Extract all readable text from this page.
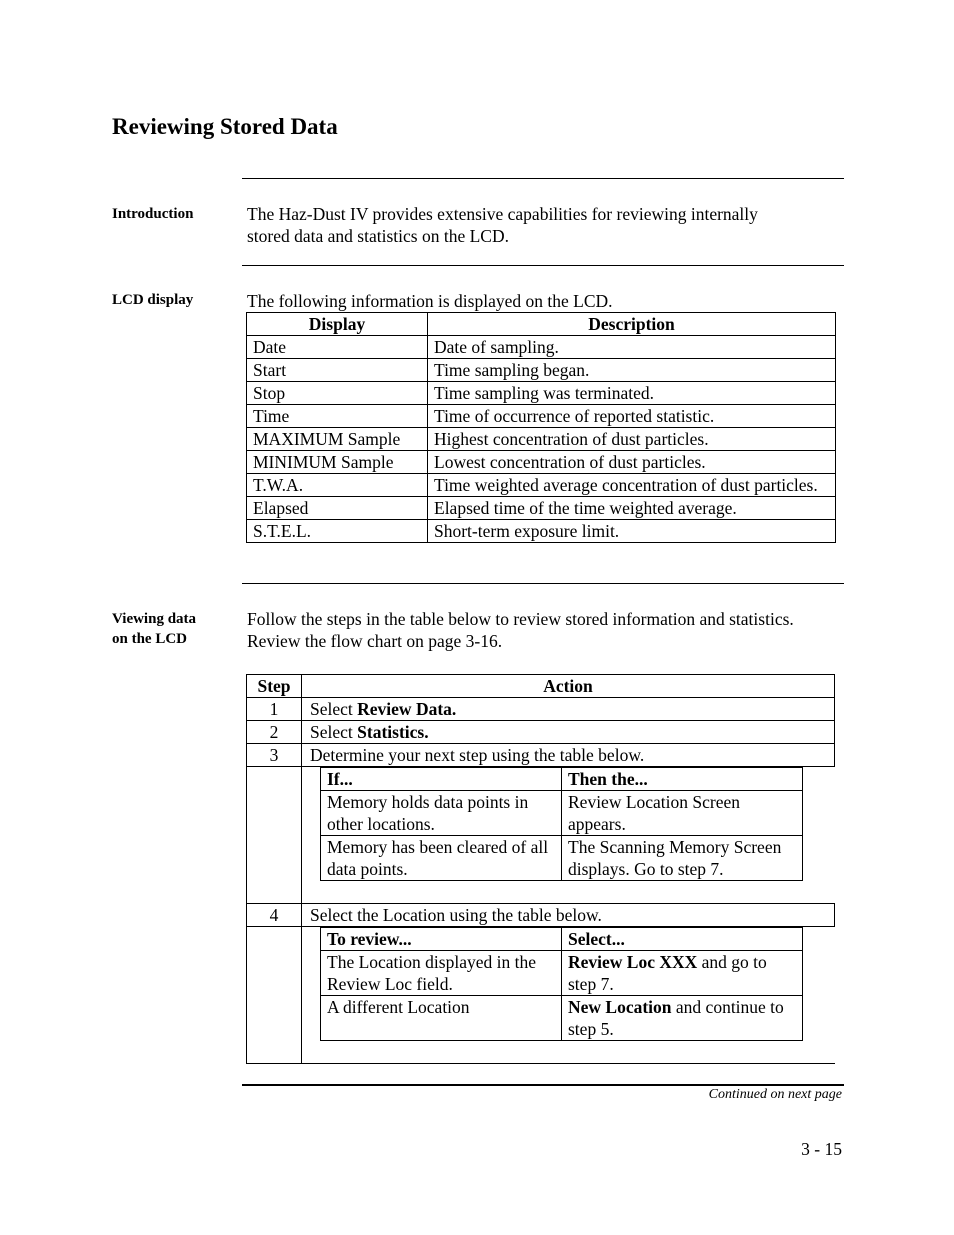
Reviewing Stored Data
Introduction	The Haz-Dust IV provides extensive capabilities for reviewing internally
stored data and statistics on the LCD.
LCD display	The following information is displayed on the LCD.
Display	Description
Date	Date of sampling.
Start	Time sampling began.
Stop	Time sampling was terminated.
Time	Time of occurrence of reported statistic.
MAXIMUM Sample	Highest concentration of dust particles.
MINIMUM Sample	Lowest concentration of dust particles.
T.W.A.	Time weighted average concentration of dust particles.
Elapsed	Elapsed time of the time weighted average.
S.T.E.L.	Short-term exposure limit.
Viewing data
on the LCD
Follow the steps in the table below to review stored information and statistics.
Review the flow chart on page 3-16.
Step	Action
1	Select Review Data.
2	Select Statistics.
3	Determine your next step using the table below.

If...	Then the...
Memory holds data points in other locations.	Review Location Screen appears.
Memory has been cleared of all data points.	The Scanning Memory Screen displays. Go to step 7.

4	Select the Location using the table below.

To review...	Select...
The Location displayed in the Review Loc field.	Review Loc XXX and go to step 7.
A different Location	New Location and continue to step 5.
Continued on next page
3 - 15
